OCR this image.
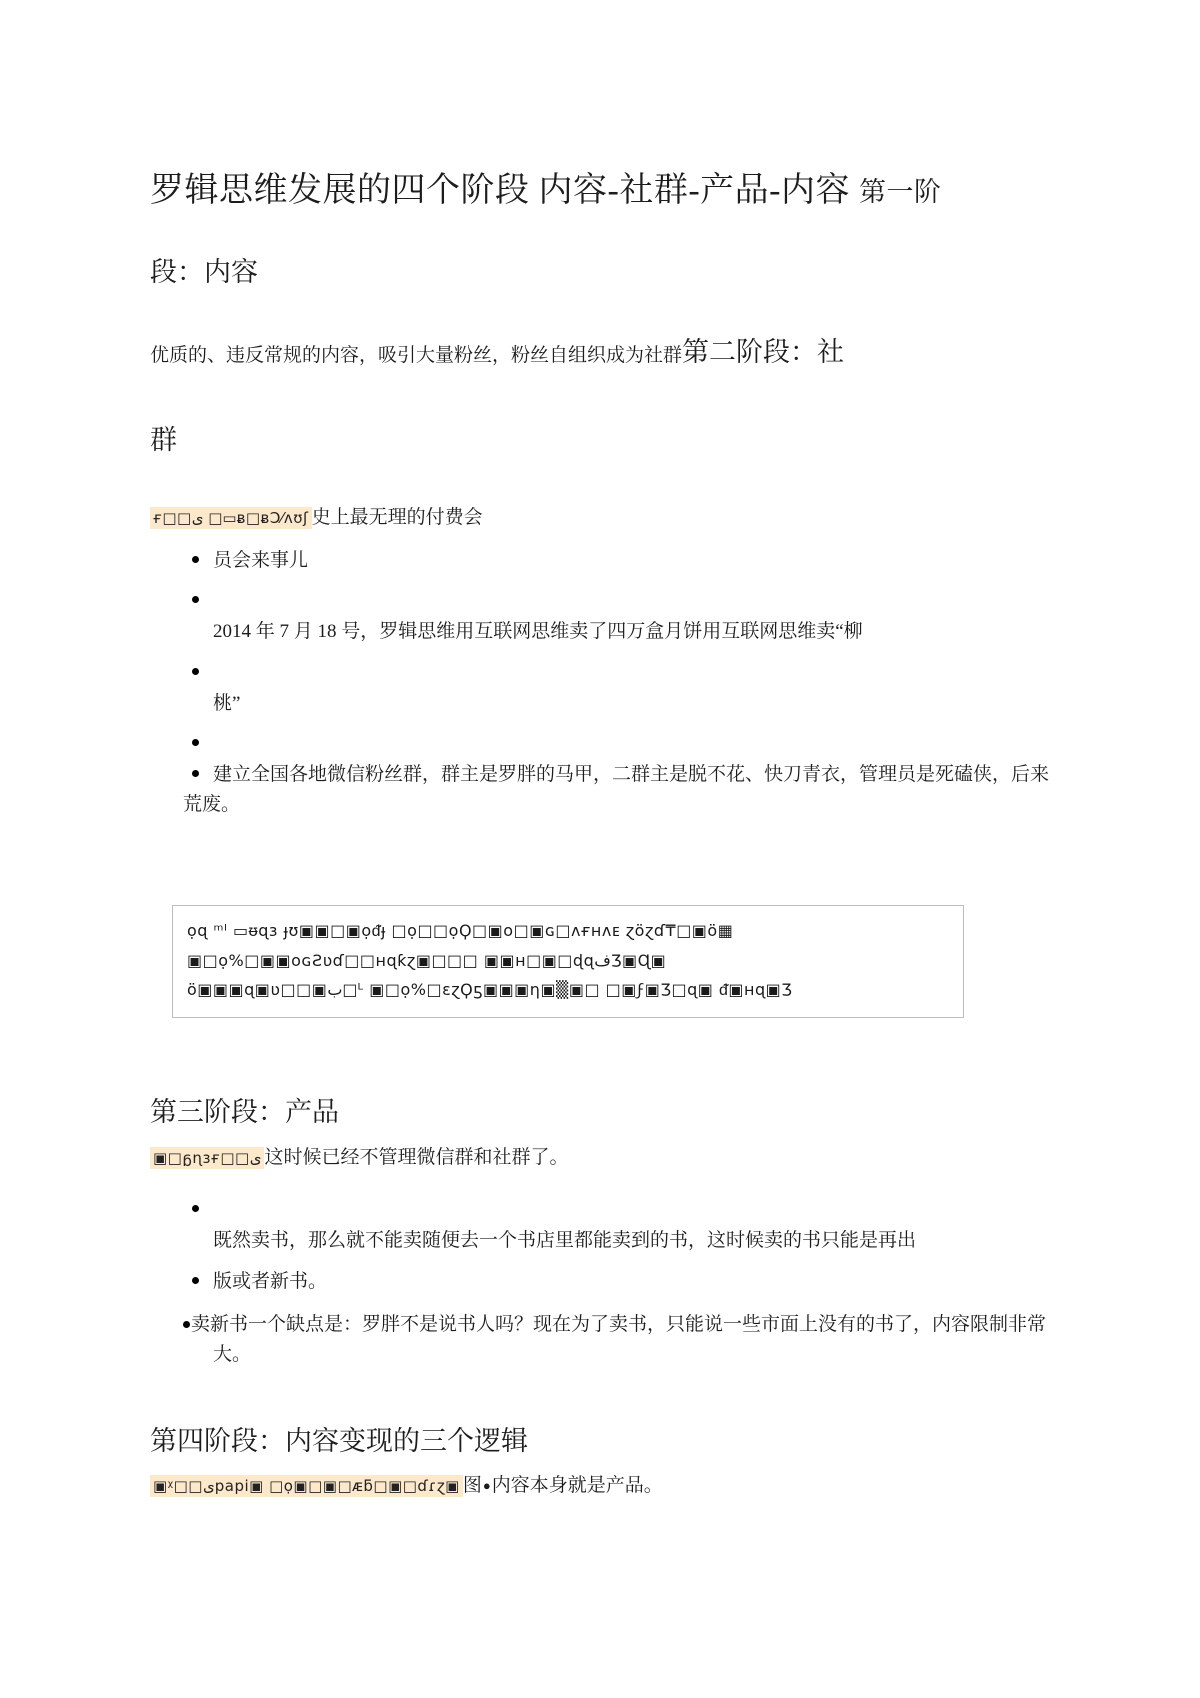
罗辑思维发展的四个阶段 内容-社群-产品-内容 第一阶
段：内容

优质的、违反常规的内容，吸引大量粉丝，粉丝自组织成为社群第二阶段：社

群

ғ□□ى □▭ᴃ□ᴃϽ⁄ᴧʊʃ 史上最无理的付费会

员会来事儿
2014 年 7 月 18 号，罗辑思维用互联网思维卖了四万盒月饼用互联网思维卖“柳
桃”
建立全国各地微信粉丝群，群主是罗胖的马甲，二群主是脱不花、快刀青衣，管理员是死磕侠，后来荒废。
ọɋ ᵐᴵ ▭ᵿɋɜ ɟʊ▣▣□▣ọᵭɟ □ọ□□ọϘ□▣ᴏ□▣ɢ□ᴧғʜᴧᴇ ɀöɀɗ₸□▣ö▦
▣□ọ%□▣▣ᴏɢƧʋɗ□□ʜɋƙɀ▣□□□ ▣▣ʜ□▣□ɖɋفƷ▣Ɋ▣
ö▣▣▣ɋ▣ʋ□□▣ب□ᴸ ▣□ọ%□ɛɀϘƽ▣▣▣ƞ▣▒▣□ □▣ϝ▣Ʒ□ɋ▣ ᵭ▣ʜɋ▣Ʒ
第三阶段：产品

▣□ᵷɳɜғ□□ى 这时候已经不管理微信群和社群了。

既然卖书，那么就不能卖随便去一个书店里都能卖到的书，这时候卖的书只能是再出
版或者新书。
卖新书一个缺点是：罗胖不是说书人吗？现在为了卖书，只能说一些市面上没有的书了，内容限制非常大。
第四阶段：内容变现的三个逻辑

▣ᵡ□□ىpapi▣ □ọ▣□▣□ᴁƃ□▣□ɗɾɀ▣ 图●内容本身就是产品。
